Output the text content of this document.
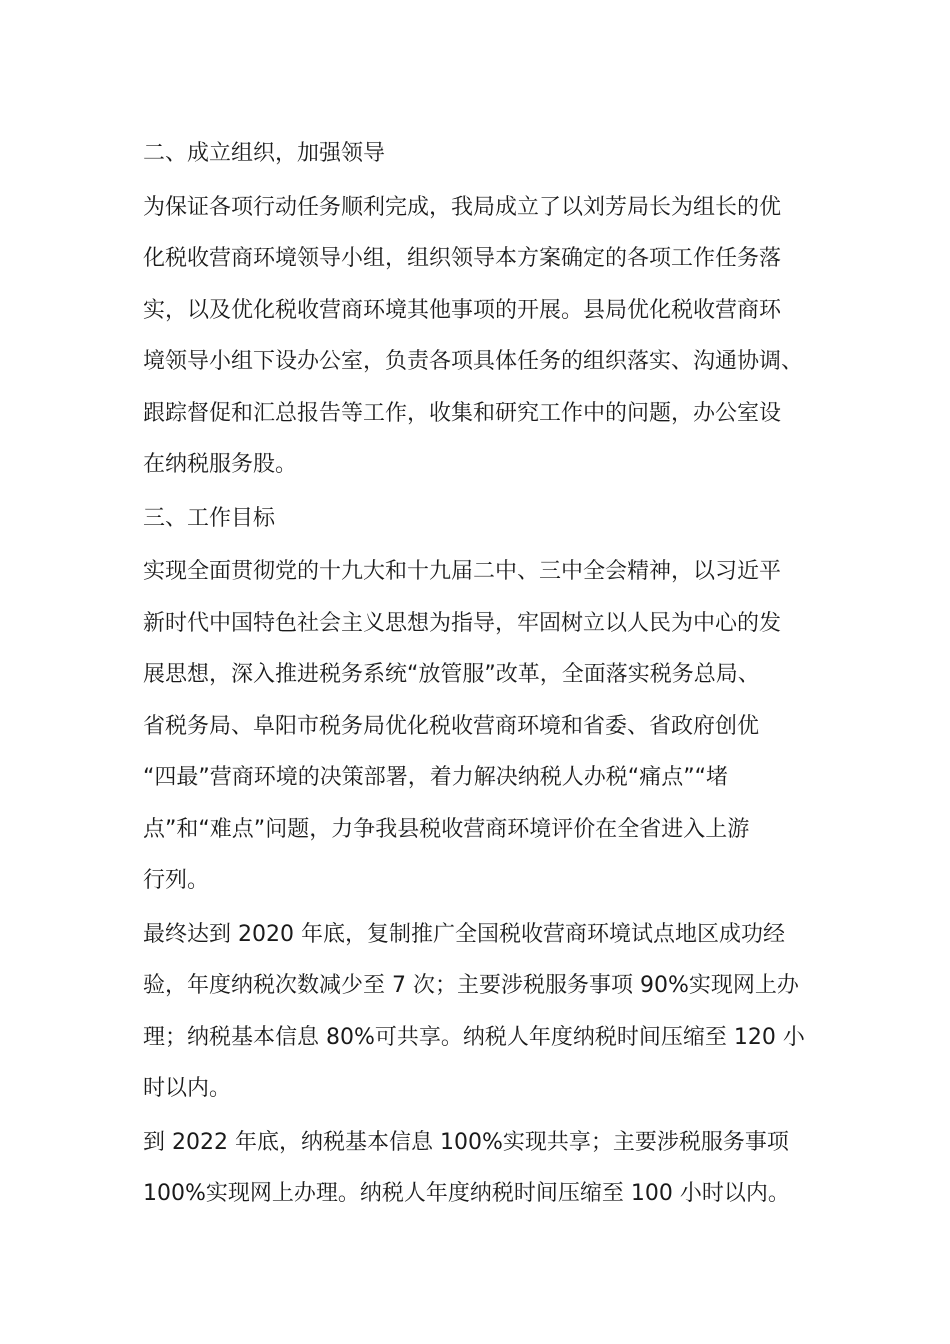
二、成立组织，加强领导
为保证各项行动任务顺利完成，我局成立了以刘芳局长为组长的优
化税收营商环境领导小组，组织领导本方案确定的各项工作任务落
实，以及优化税收营商环境其他事项的开展。县局优化税收营商环
境领导小组下设办公室，负责各项具体任务的组织落实、沟通协调、
跟踪督促和汇总报告等工作，收集和研究工作中的问题，办公室设
在纳税服务股。
三、工作目标
实现全面贯彻党的十九大和十九届二中、三中全会精神，以习近平
新时代中国特色社会主义思想为指导，牢固树立以人民为中心的发
展思想，深入推进税务系统“放管服”改革，全面落实税务总局、
省税务局、阜阳市税务局优化税收营商环境和省委、省政府创优
“四最”营商环境的决策部署，着力解决纳税人办税“痛点”“堵
点”和“难点”问题，力争我县税收营商环境评价在全省进入上游
行列。
最终达到 2020 年底，复制推广全国税收营商环境试点地区成功经
验，年度纳税次数减少至 7 次；主要涉税服务事项 90%实现网上办
理；纳税基本信息 80%可共享。纳税人年度纳税时间压缩至 120 小
时以内。
到 2022 年底，纳税基本信息 100%实现共享；主要涉税服务事项
100%实现网上办理。纳税人年度纳税时间压缩至 100 小时以内。
